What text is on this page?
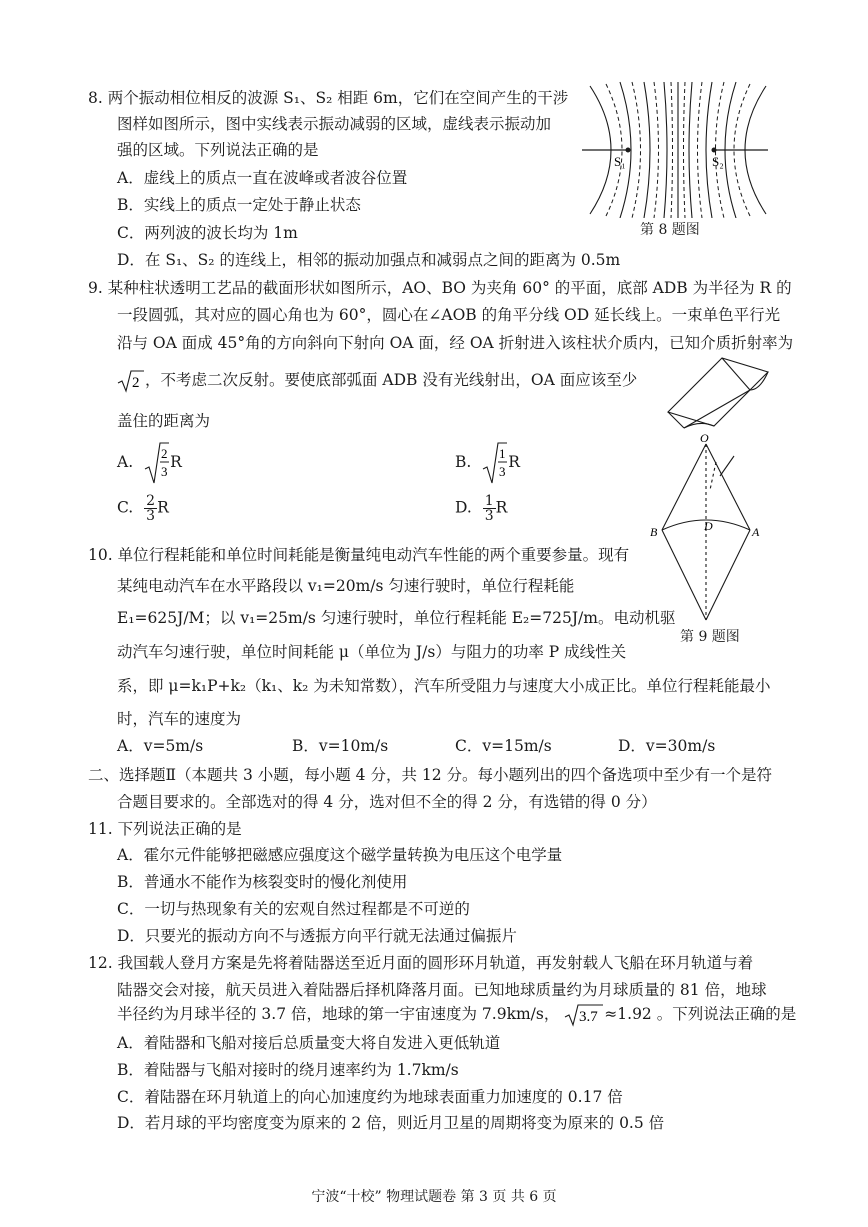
8. 两个振动相位相反的波源 S₁、S₂ 相距 6m，它们在空间产生的干涉
图样如图所示，图中实线表示振动减弱的区域，虚线表示振动加
强的区域。下列说法正确的是
A．虚线上的质点一直在波峰或者波谷位置
B．实线上的质点一定处于静止状态
C．两列波的波长均为 1m
D．在 S₁、S₂ 的连线上，相邻的振动加强点和减弱点之间的距离为 0.5m
S₁	S₂
第 8 题图
9. 某种柱状透明工艺品的截面形状如图所示，AO、BO 为夹角 60° 的平面，底部 ADB 为半径为 R 的
一段圆弧，其对应的圆心角也为 60°，圆心在∠AOB 的角平分线 OD 延长线上。一束单色平行光
沿与 OA 面成 45°角的方向斜向下射向 OA 面，经 OA 折射进入该柱状介质内，已知介质折射率为
2 ，不考虑二次反射。要使底部弧面 ADB 没有光线射出，OA 面应该至少
盖住的距离为
A. 2
3
R	B. 1
3
R
C. $\frac{2}{3}$ R	D. $\frac{1}{3}$ R
O
B	D	A
第 9 题图
10. 单位行程耗能和单位时间耗能是衡量纯电动汽车性能的两个重要参量。现有
某纯电动汽车在水平路段以 v₁=20m/s 匀速行驶时，单位行程耗能
E₁=625J/M；以 v₁=25m/s 匀速行驶时，单位行程耗能 E₂=725J/m。电动机驱
动汽车匀速行驶，单位时间耗能 μ（单位为 J/s）与阻力的功率 P 成线性关
系，即 μ=k₁P+k₂（k₁、k₂ 为未知常数），汽车所受阻力与速度大小成正比。单位行程耗能最小
时，汽车的速度为
A．v=5m/s	B．v=10m/s	C．v=15m/s	D．v=30m/s
二、选择题Ⅱ（本题共 3 小题，每小题 4 分，共 12 分。每小题列出的四个备选项中至少有一个是符
合题目要求的。全部选对的得 4 分，选对但不全的得 2 分，有选错的得 0 分）
11. 下列说法正确的是
A．霍尔元件能够把磁感应强度这个磁学量转换为电压这个电学量
B．普通水不能作为核裂变时的慢化剂使用
C．一切与热现象有关的宏观自然过程都是不可逆的
D．只要光的振动方向不与透振方向平行就无法通过偏振片
12. 我国载人登月方案是先将着陆器送至近月面的圆形环月轨道，再发射载人飞船在环月轨道与着
陆器交会对接，航天员进入着陆器后择机降落月面。已知地球质量约为月球质量的 81 倍，地球
半径约为月球半径的 3.7 倍，地球的第一宇宙速度为 7.9km/s， 3.7 ≈1.92 。下列说法正确的是
A．着陆器和飞船对接后总质量变大将自发进入更低轨道
B．着陆器与飞船对接时的绕月速率约为 1.7km/s
C．着陆器在环月轨道上的向心加速度约为地球表面重力加速度的 0.17 倍
D．若月球的平均密度变为原来的 2 倍，则近月卫星的周期将变为原来的 0.5 倍
宁波“十校” 物理试题卷 第 3 页 共 6 页
